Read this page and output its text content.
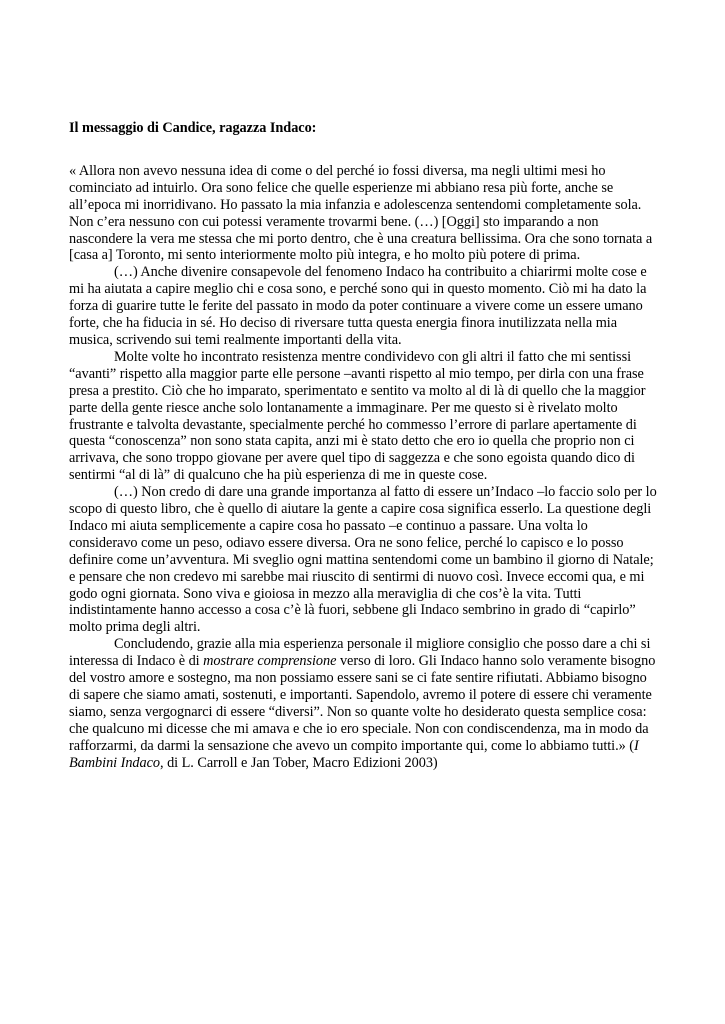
Il messaggio di Candice, ragazza Indaco:

« Allora non avevo nessuna idea di come o del perché io fossi diversa, ma negli ultimi mesi ho cominciato ad intuirlo. Ora sono felice che quelle esperienze mi abbiano resa più forte, anche se all’epoca mi inorridivano. Ho passato la mia infanzia e adolescenza sentendomi completamente sola. Non c’era nessuno con cui potessi veramente trovarmi bene. (…) [Oggi] sto imparando a non nascondere la vera me stessa che mi porto dentro, che è una creatura bellissima. Ora che sono tornata a [casa a] Toronto, mi sento interiormente molto più integra, e ho molto più potere di prima.

(…) Anche divenire consapevole del fenomeno Indaco ha contribuito a chiarirmi molte cose e mi ha aiutata a capire meglio chi e cosa sono, e perché sono qui in questo momento. Ciò mi ha dato la forza di guarire tutte le ferite del passato in modo da poter continuare a vivere come un essere umano forte, che ha fiducia in sé. Ho deciso di riversare tutta questa energia finora inutilizzata nella mia musica, scrivendo sui temi realmente importanti della vita.

Molte volte ho incontrato resistenza mentre condividevo con gli altri il fatto che mi sentissi “avanti” rispetto alla maggior parte elle persone –avanti rispetto al mio tempo, per dirla con una frase presa a prestito. Ciò che ho imparato, sperimentato e sentito va molto al di là di quello che la maggior parte della gente riesce anche solo lontanamente a immaginare. Per me questo si è rivelato molto frustrante e talvolta devastante, specialmente perché ho commesso l’errore di parlare apertamente di questa “conoscenza” non sono stata capita, anzi mi è stato detto che ero io quella che proprio non ci arrivava, che sono troppo giovane per avere quel tipo di saggezza e che sono egoista quando dico di sentirmi “al di là” di qualcuno che ha più esperienza di me in queste cose.

(…) Non credo di dare una grande importanza al fatto di essere un’Indaco –lo faccio solo per lo scopo di questo libro, che è quello di aiutare la gente a capire cosa significa esserlo. La questione degli Indaco mi aiuta semplicemente a capire cosa ho passato –e continuo a passare. Una volta lo consideravo come un peso, odiavo essere diversa. Ora ne sono felice, perché lo capisco e lo posso definire come un’avventura. Mi sveglio ogni mattina sentendomi come un bambino il giorno di Natale; e pensare che non credevo mi sarebbe mai riuscito di sentirmi di nuovo così. Invece eccomi qua, e mi godo ogni giornata. Sono viva e gioiosa in mezzo alla meraviglia di che cos’è la vita. Tutti indistintamente hanno accesso a cosa c’è là fuori, sebbene gli Indaco sembrino in grado di “capirlo” molto prima degli altri.

Concludendo, grazie alla mia esperienza personale il migliore consiglio che posso dare a chi si interessa di Indaco è di mostrare comprensione verso di loro. Gli Indaco hanno solo veramente bisogno del vostro amore e sostegno, ma non possiamo essere sani se ci fate sentire rifiutati. Abbiamo bisogno di sapere che siamo amati, sostenuti, e importanti. Sapendolo, avremo il potere di essere chi veramente siamo, senza vergognarci di essere “diversi”. Non so quante volte ho desiderato questa semplice cosa: che qualcuno mi dicesse che mi amava e che io ero speciale. Non con condiscendenza, ma in modo da rafforzarmi, da darmi la sensazione che avevo un compito importante qui, come lo abbiamo tutti.» (I Bambini Indaco, di L. Carroll e Jan Tober, Macro Edizioni 2003)
